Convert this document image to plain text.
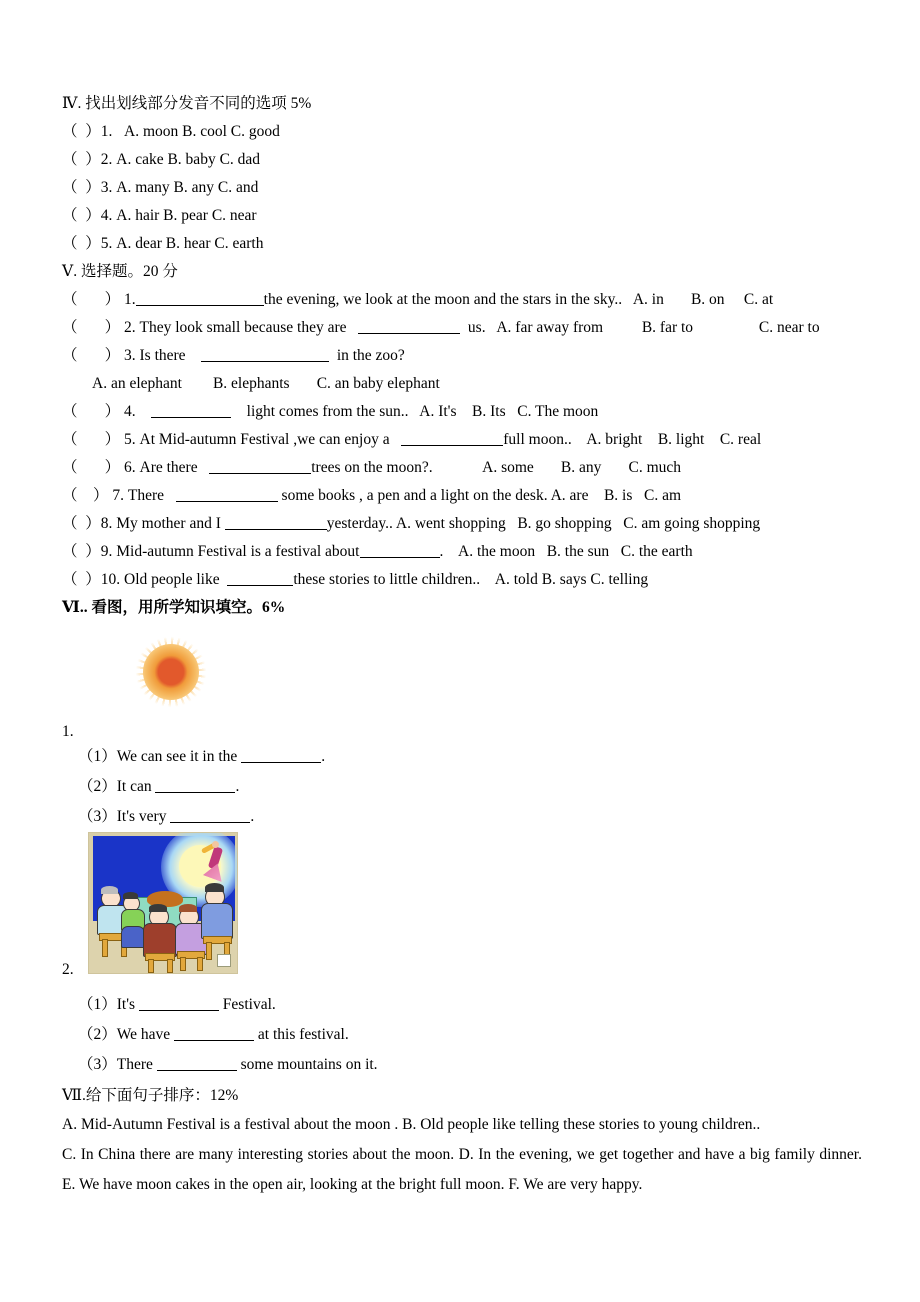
Ⅳ. 找出划线部分发音不同的选项 5%
（  ）1.   A. moon B. cool C. good
（  ）2. A. cake B. baby C. dad
（  ）3. A. many B. any C. and
（  ）4. A. hair B. pear C. near
（  ）5. A. dear B. hear C. earth
Ⅴ. 选择题。20 分
（       ） 1.	the evening, we look at the moon and the stars in the sky..   A. in       B. on     C. at
（       ） 2. They look small because they are	us.   A. far away from          B. far to                 C. near to
（       ） 3. Is there	in the zoo?
A. an elephant        B. elephants       C. an baby elephant
（       ） 4.	light comes from the sun..   A. It's    B. Its   C. The moon
（       ） 5. At Mid-autumn Festival ,we can enjoy a	full moon..    A. bright    B. light    C. real
（       ） 6. Are there	trees on the moon?.             A. some       B. any       C. much
（    ） 7. There	some books , a pen and a light on the desk. A. are    B. is   C. am
（  ）8. My mother and I	yesterday.. A. went shopping   B. go shopping   C. am going shopping
（  ）9. Mid-autumn Festival is a festival about	.    A. the moon   B. the sun   C. the earth
（  ）10. Old people like	these stories to little children..    A. told B. says C. telling
Ⅵ.. 看图，用所学知识填空。6%
1.
（1）We can see it in the	.
（2）It can	.
（3）It's very	.
2.
（1）It's	Festival.
（2）We have	at this festival.
（3）There	some mountains on it.
Ⅶ.给下面句子排序：12%
A. Mid-Autumn Festival is a festival about the moon . B. Old people like telling these stories to young children..
C. In China there are many interesting stories about the moon. D. In the evening, we get together and have a big family dinner. E. We have moon cakes in the open air, looking at the bright full moon. F. We are very happy.
